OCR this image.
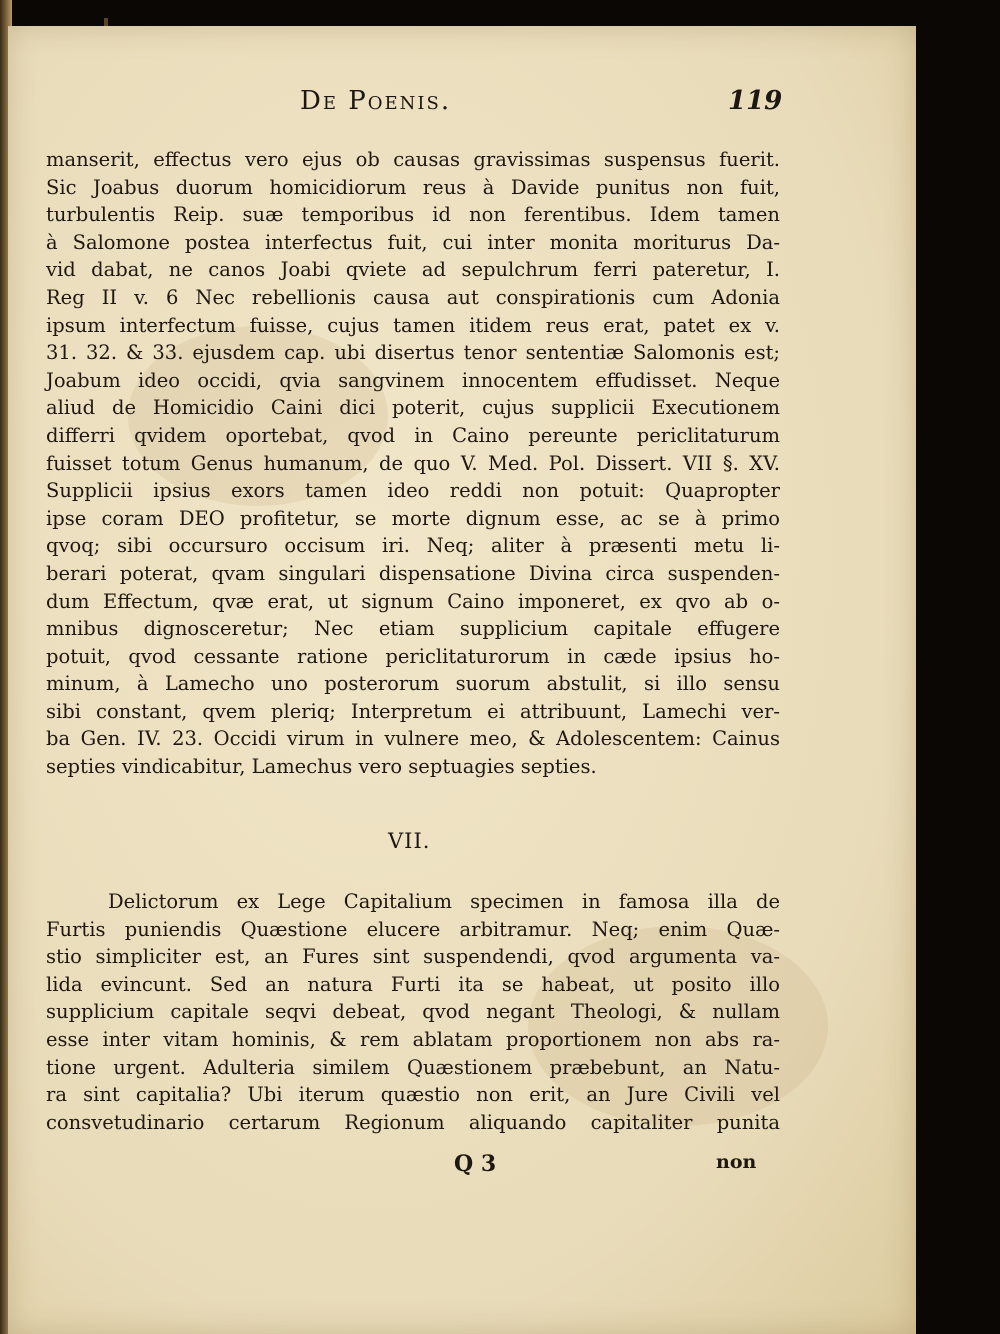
De Poenis.	119
manserit, effectus vero ejus ob causas gravissimas suspensus fuerit.
Sic Joabus duorum homicidiorum reus à Davide punitus non fuit,
turbulentis Reip. suæ temporibus id non ferentibus. Idem tamen
à Salomone postea interfectus fuit, cui inter monita moriturus Da-
vid dabat, ne canos Joabi qviete ad sepulchrum ferri pateretur, I.
Reg II v. 6 Nec rebellionis causa aut conspirationis cum Adonia
ipsum interfectum fuisse, cujus tamen itidem reus erat, patet ex v.
31. 32. & 33. ejusdem cap. ubi disertus tenor sententiæ Salomonis est;
Joabum ideo occidi, qvia sangvinem innocentem effudisset. Neque
aliud de Homicidio Caini dici poterit, cujus supplicii Executionem
differri qvidem oportebat, qvod in Caino pereunte periclitaturum
fuisset totum Genus humanum, de quo V. Med. Pol. Dissert. VII §. XV.
Supplicii ipsius exors tamen ideo reddi non potuit: Quapropter
ipse coram DEO profitetur, se morte dignum esse, ac se à primo
qvoq; sibi occursuro occisum iri. Neq; aliter à præsenti metu li-
berari poterat, qvam singulari dispensatione Divina circa suspenden-
dum Effectum, qvæ erat, ut signum Caino imponeret, ex qvo ab o-
mnibus dignosceretur; Nec etiam supplicium capitale effugere
potuit, qvod cessante ratione periclitaturorum in cæde ipsius ho-
minum, à Lamecho uno posterorum suorum abstulit, si illo sensu
sibi constant, qvem pleriq; Interpretum ei attribuunt, Lamechi ver-
ba Gen. IV. 23. Occidi virum in vulnere meo, & Adolescentem: Cainus
septies vindicabitur, Lamechus vero septuagies septies.
VII.
Delictorum ex Lege Capitalium specimen in famosa illa de
Furtis puniendis Quæstione elucere arbitramur. Neq; enim Quæ-
stio simpliciter est, an Fures sint suspendendi, qvod argumenta va-
lida evincunt. Sed an natura Furti ita se habeat, ut posito illo
supplicium capitale seqvi debeat, qvod negant Theologi, & nullam
esse inter vitam hominis, & rem ablatam proportionem non abs ra-
tione urgent. Adulteria similem Quæstionem præbebunt, an Natu-
ra sint capitalia? Ubi iterum quæstio non erit, an Jure Civili vel
consvetudinario certarum Regionum aliquando capitaliter punita
Q 3	non
